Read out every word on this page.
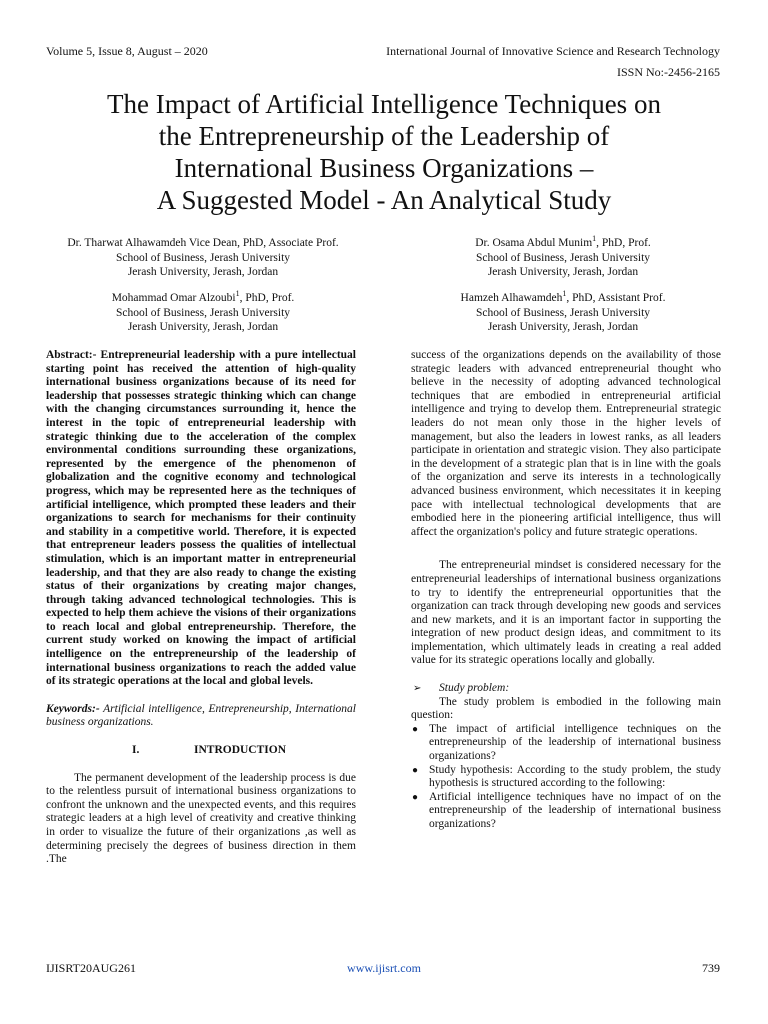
Volume 5, Issue 8, August – 2020	International Journal of Innovative Science and Research Technology
ISSN No:-2456-2165
The Impact of Artificial Intelligence Techniques on
the Entrepreneurship of the Leadership of
International Business Organizations –
A Suggested Model - An Analytical Study
Dr. Tharwat Alhawamdeh Vice Dean, PhD, Associate Prof.
School of Business, Jerash University
Jerash University, Jerash, Jordan
Dr. Osama Abdul Munim$^1$, PhD, Prof.
School of Business, Jerash University
Jerash University, Jerash, Jordan
Mohammad Omar Alzoubi$^1$, PhD, Prof.
School of Business, Jerash University
Jerash University, Jerash, Jordan
Hamzeh Alhawamdeh$^1$, PhD, Assistant Prof.
School of Business, Jerash University
Jerash University, Jerash, Jordan

Abstract:- Entrepreneurial leadership with a pure intellectual starting point has received the attention of high-quality international business organizations because of its need for leadership that possesses strategic thinking which can change with the changing circumstances surrounding it, hence the interest in the topic of entrepreneurial leadership with strategic thinking due to the acceleration of the complex environmental conditions surrounding these organizations, represented by the emergence of the phenomenon of globalization and the cognitive economy and technological progress, which may be represented here as the techniques of artificial intelligence, which prompted these leaders and their organizations to search for mechanisms for their continuity and stability in a competitive world. Therefore, it is expected that entrepreneur leaders possess the qualities of intellectual stimulation, which is an important matter in entrepreneurial leadership, and that they are also ready to change the existing status of their organizations by creating major changes, through taking advanced technological technologies. This is expected to help them achieve the visions of their organizations to reach local and global entrepreneurship. Therefore, the current study worked on knowing the impact of artificial intelligence on the entrepreneurship of the leadership of international business organizations to reach the added value of its strategic operations at the local and global levels.

Keywords:- Artificial intelligence, Entrepreneurship, International business organizations.

I.	INTRODUCTION

The permanent development of the leadership process is due to the relentless pursuit of international business organizations to confront the unknown and the unexpected events, and this requires strategic leaders at a high level of creativity and creative thinking in order to visualize the future of their organizations ,as well as determining precisely the degrees of business direction in them .The

success of the organizations depends on the availability of those strategic leaders with advanced entrepreneurial thought who believe in the necessity of adopting advanced technological techniques that are embodied in entrepreneurial artificial intelligence and trying to develop them. Entrepreneurial strategic leaders do not mean only those in the higher levels of management, but also the leaders in lowest ranks, as all leaders participate in orientation and strategic vision. They also participate in the development of a strategic plan that is in line with the goals of the organization and serve its interests in a technologically advanced business environment, which necessitates it in keeping pace with intellectual technological developments that are embodied here in the pioneering artificial intelligence, thus will affect the organization's policy and future strategic operations.

The entrepreneurial mindset is considered necessary for the entrepreneurial leaderships of international business organizations to try to identify the entrepreneurial opportunities that the organization can track through developing new goods and services and new markets, and it is an important factor in supporting the integration of new product design ideas, and commitment to its implementation, which ultimately leads in creating a real added value for its strategic operations locally and globally.

➢ Study problem:

The study problem is embodied in the following main question:

● The impact of artificial intelligence techniques on the entrepreneurship of the leadership of international business organizations?
● Study hypothesis: According to the study problem, the study hypothesis is structured according to the following:
● Artificial intelligence techniques have no impact of on the entrepreneurship of the leadership of international business organizations?
IJISRT20AUG261	www.ijisrt.com	739
